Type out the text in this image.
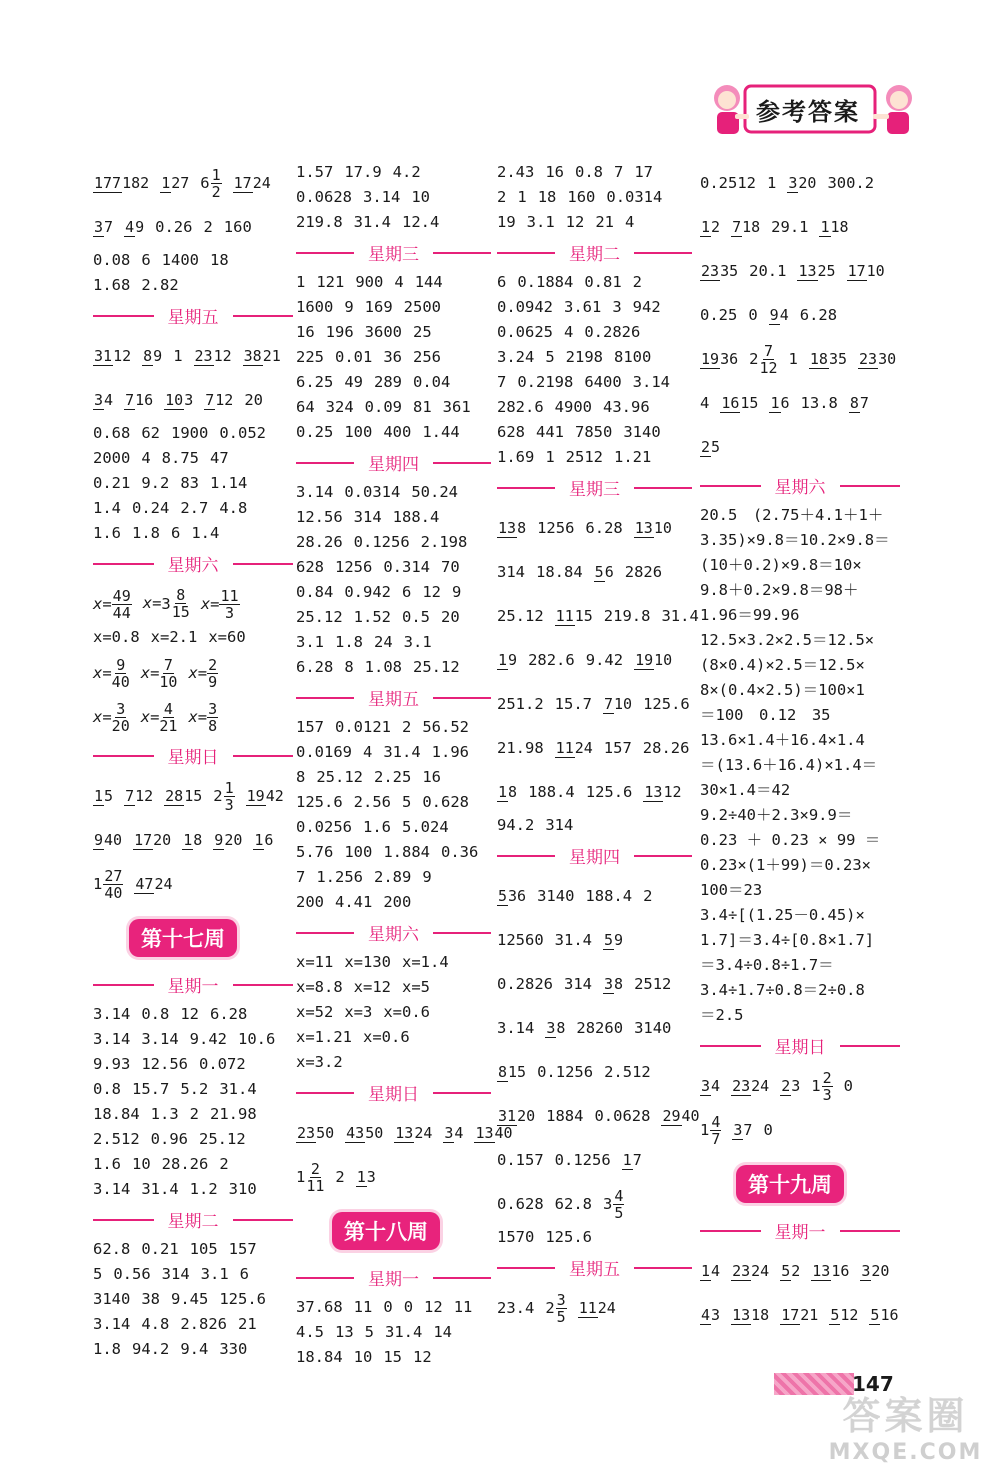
参考答案
177182 127 $6 \frac{1}{2} 1724$
37 49 0.26 2 160
0.08 6 1400 18
1.68 2.82
星期五
3112 89 1 2312 3821
34 716 103 712 20
0.68 62 1900 0.052
2000 4 8.75 47
0.21 9.2 83 1.14
1.4 0.24 2.7 4.8
1.6 1.8 6 1.4
星期六
$x= \frac{49}{44} x= 3 \frac{8}{15} x= \frac{11}{3}$
x=0.8 x=2.1 x=60
$x= \frac{9}{40} x= \frac{7}{10} x= \frac{2}{9}$
$x= \frac{3}{20} x= \frac{4}{21} x= \frac{3}{8}$
星期日
15 712 2815 $2 \frac{1}{3} 1942$
940 1720 18 920 16
$1 \frac{27}{40} 4724$
第十七周
星期一
3.14 0.8 12 6.28
3.14 3.14 9.42 10.6
9.93 12.56 0.072
0.8 15.7 5.2 31.4
18.84 1.3 2 21.98
2.512 0.96 25.12
1.6 10 28.26 2
3.14 31.4 1.2 310
星期二
62.8 0.21 105 157
5 0.56 314 3.1 6
3140 38 9.45 125.6
3.14 4.8 2.826 21
1.8 94.2 9.4 330
1.57 17.9 4.2
0.0628 3.14 10
219.8 31.4 12.4
星期三
1 121 900 4 144
1600 9 169 2500
16 196 3600 25
225 0.01 36 256
6.25 49 289 0.04
64 324 0.09 81 361
0.25 100 400 1.44
星期四
3.14 0.0314 50.24
12.56 314 188.4
28.26 0.1256 2.198
628 1256 0.314 70
0.84 0.942 6 12 9
25.12 1.52 0.5 20
3.1 1.8 24 3.1
6.28 8 1.08 25.12
星期五
157 0.0121 2 56.52
0.0169 4 31.4 1.96
8 25.12 2.25 16
125.6 2.56 5 0.628
0.0256 1.6 5.024
5.76 100 1.884 0.36
7 1.256 2.89 9
200 4.41 200
星期六
x=11 x=130 x=1.4
x=8.8 x=12 x=5
x=52 x=3 x=0.6
x=1.21 x=0.6
x=3.2
星期日
2350 4350 1324 34 1340
$1 \frac{2}{11} 2$ 13
第十八周
星期一
37.68 11 0 0 12 11
4.5 13 5 31.4 14
18.84 10 15 12
2.43 16 0.8 7 17
2 1 18 160 0.0314
19 3.1 12 21 4
星期二
6 0.1884 0.81 2
0.0942 3.61 3 942
0.0625 4 0.2826
3.24 5 2198 8100
7 0.2198 6400 3.14
282.6 4900 43.96
628 441 7850 3140
1.69 1 2512 1.21
星期三
138 1256 6.28 1310
314 18.84 56 2826
25.12 1115 219.8 31.4
19 282.6 9.42 1910
251.2 15.7 710 125.6
21.98 1124 157 28.26
18 188.4 125.6 1312
94.2 314
星期四
536 3140 188.4 2
12560 31.4 59
0.2826 314 38 2512
3.14 38 28260 3140
815 0.1256 2.512
3120 1884 0.0628 2940
0.157 0.1256 17
0.628 62.8 $3 \frac{4}{5}$
1570 125.6
星期五
23.4 $2 \frac{3}{5} 1124$
0.2512 1 320 300.2
12 718 29.1 118
2335 20.1 1325 1710
0.25 0 94 6.28
1936 $2 \frac{7}{12} 1$ 1835 2330
4 1615 16 13.8 87
25
星期六
20.5　(2.75＋4.1＋1＋
3.35)×9.8＝10.2×9.8＝
(10＋0.2)×9.8＝10×
9.8＋0.2×9.8＝98＋
1.96＝99.96
12.5×3.2×2.5＝12.5×
(8×0.4)×2.5＝12.5×
8×(0.4×2.5)＝100×1
＝100　0.12　35
13.6×1.4＋16.4×1.4
＝(13.6＋16.4)×1.4＝
30×1.4＝42
9.2÷40＋2.3×9.9＝
0.23 ＋ 0.23 × 99 ＝
0.23×(1＋99)＝0.23×
100＝23
3.4÷[(1.25－0.45)×
1.7]＝3.4÷[0.8×1.7]
＝3.4÷0.8÷1.7＝
3.4÷1.7÷0.8＝2÷0.8
＝2.5
星期日
34 2324 23 $1 \frac{2}{3} 0$
$1 \frac{4}{7} 37$ 0
第十九周
星期一
14 2324 52 1316 320
43 1318 1721 512 516
147
答案圈
MXQE.COM
